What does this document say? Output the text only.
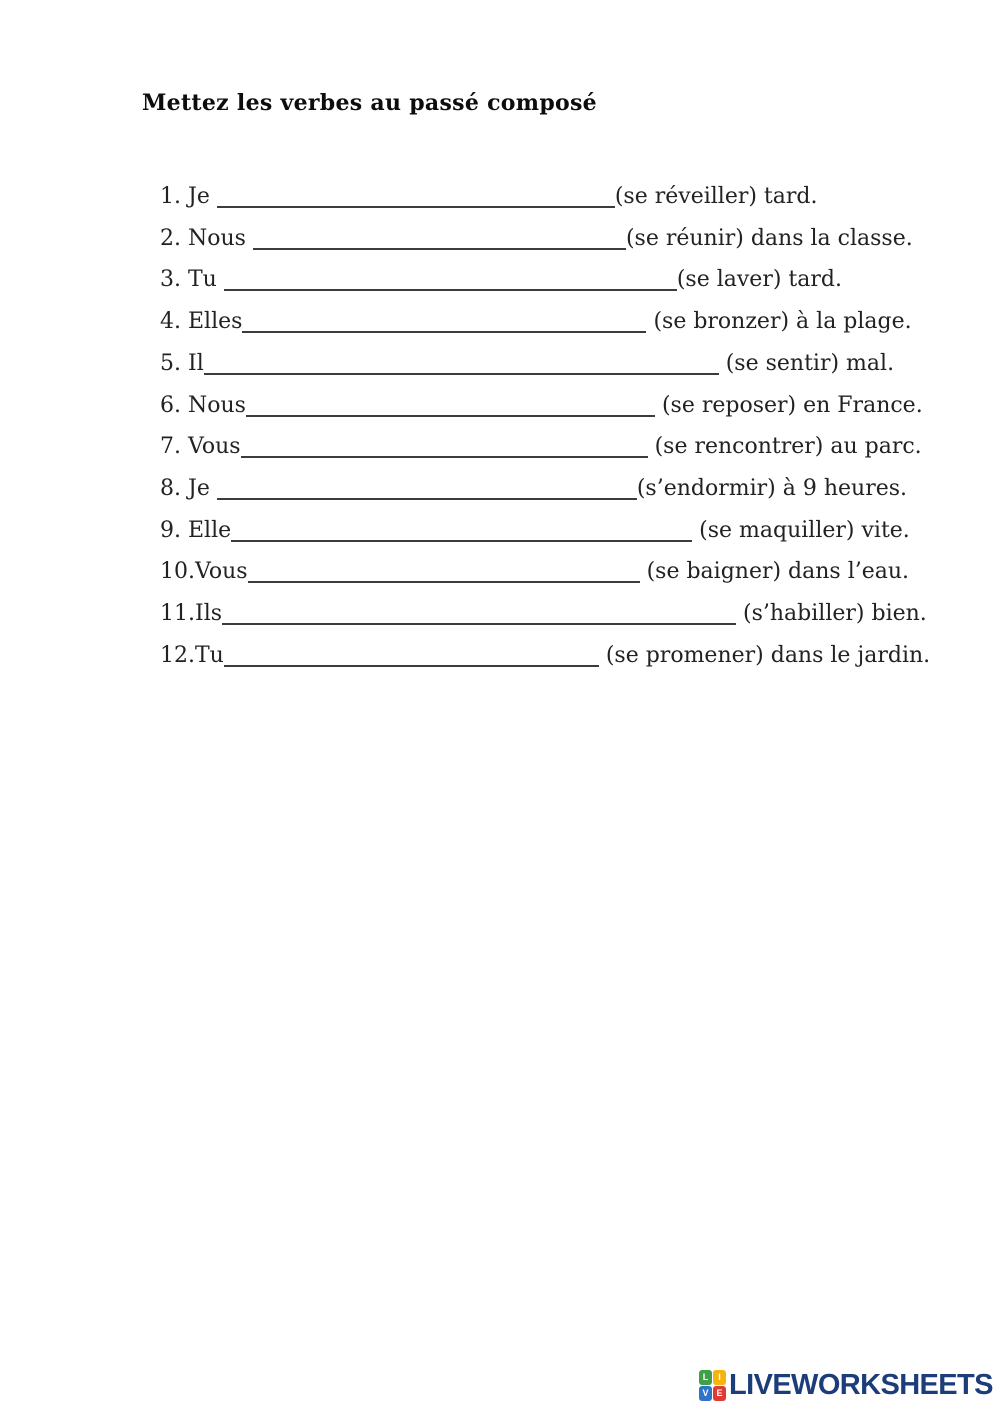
Mettez les verbes au passé composé
1. Je	(se réveiller) tard.
2. Nous	(se réunir) dans la classe.
3. Tu	(se laver) tard.
4. Elles	(se bronzer) à la plage.
5. Il	(se sentir) mal.
6. Nous	(se reposer) en France.
7. Vous	(se rencontrer) au parc.
8. Je	(s’endormir) à 9 heures.
9. Elle	(se maquiller) vite.
10.Vous	(se baigner) dans l’eau.
11.Ils	(s’habiller) bien.
12.Tu	(se promener) dans le jardin.
L	I
V E LIVEWORKSHEETS
